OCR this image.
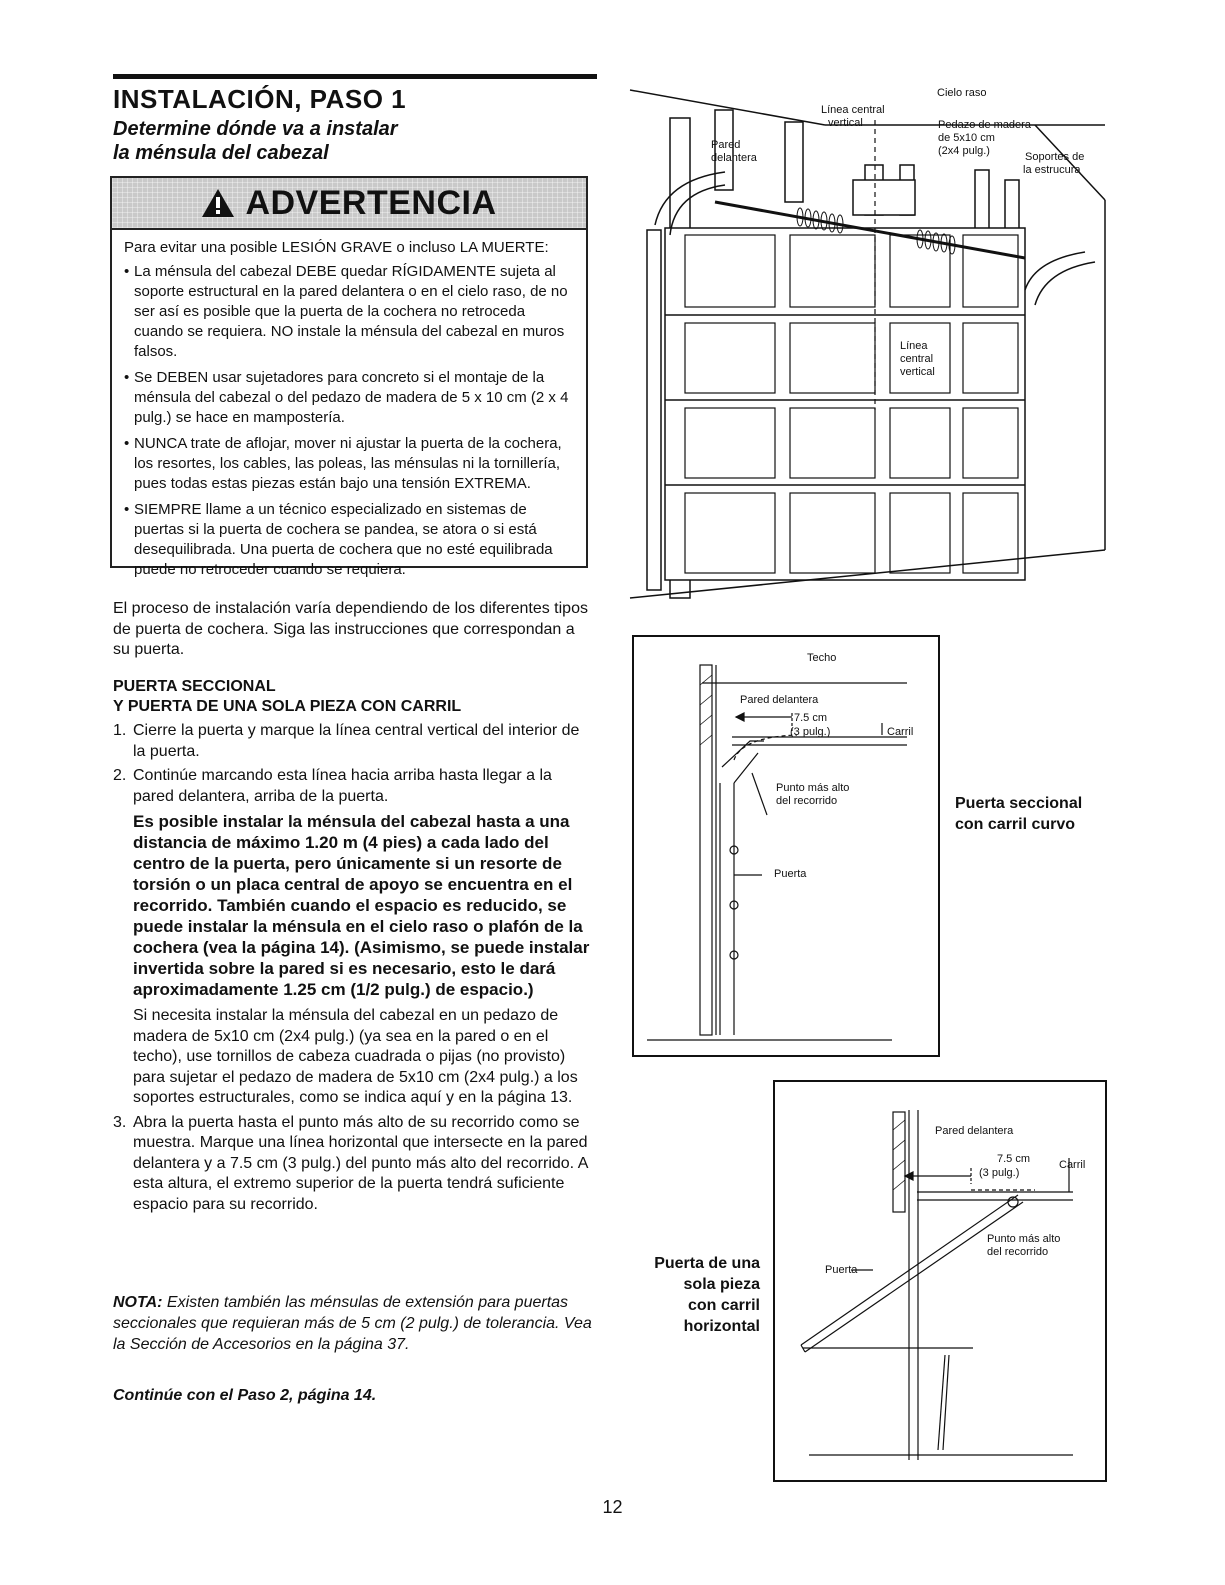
INSTALACIÓN, PASO 1
Determine dónde va a instalar
la ménsula del cabezal
ADVERTENCIA

Para evitar una posible LESIÓN GRAVE o incluso LA MUERTE:

• La ménsula del cabezal DEBE quedar RÍGIDAMENTE sujeta al soporte estructural en la pared delantera o en el cielo raso, de no ser así es posible que la puerta de la cochera no retroceda cuando se requiera. NO instale la ménsula del cabezal en muros falsos.
• Se DEBEN usar sujetadores para concreto si el montaje de la ménsula del cabezal o del pedazo de madera de 5 x 10 cm (2 x 4 pulg.) se hace en mampostería.
• NUNCA trate de aflojar, mover ni ajustar la puerta de la cochera, los resortes, los cables, las poleas, las ménsulas ni la tornillería, pues todas estas piezas están bajo una tensión EXTREMA.
• SIEMPRE llame a un técnico especializado en sistemas de puertas si la puerta de cochera se pandea, se atora o si está desequilibrada. Una puerta de cochera que no esté equilibrada puede no retroceder cuando se requiera.
El proceso de instalación varía dependiendo de los diferentes tipos de puerta de cochera. Siga las instrucciones que correspondan a su puerta.
PUERTA SECCIONAL
Y PUERTA DE UNA SOLA PIEZA CON CARRIL
1. Cierre la puerta y marque la línea central vertical del interior de la puerta.
2. Continúe marcando esta línea hacia arriba hasta llegar a la pared delantera, arriba de la puerta.
Es posible instalar la ménsula del cabezal hasta a una distancia de máximo 1.20 m (4 pies) a cada lado del centro de la puerta, pero únicamente si un resorte de torsión o un placa central de apoyo se encuentra en el recorrido. También cuando el espacio es reducido, se puede instalar la ménsula en el cielo raso o plafón de la cochera (vea la página 14). (Asimismo, se puede instalar invertida sobre la pared si es necesario, esto le dará aproximadamente 1.25 cm (1/2 pulg.) de espacio.)
Si necesita instalar la ménsula del cabezal en un pedazo de madera de 5x10 cm (2x4 pulg.) (ya sea en la pared o en el techo), use tornillos de cabeza cuadrada o pijas (no provisto) para sujetar el pedazo de madera de 5x10 cm (2x4 pulg.) a los soportes estructurales, como se indica aquí y en la página 13.
3. Abra la puerta hasta el punto más alto de su recorrido como se muestra. Marque una línea horizontal que intersecte en la pared delantera y a 7.5 cm (3 pulg.) del punto más alto del recorrido. A esta altura, el extremo superior de la puerta tendrá suficiente espacio para su recorrido.
NOTA: Existen también las ménsulas de extensión para puertas seccionales que requieran más de 5 cm (2 pulg.) de tolerancia. Vea la Sección de Accesorios en la página 37.
Continúe con el Paso 2, página 14.
12
Cielo raso
Línea central
vertical	Pedazo de madera
de 5x10 cm
(2x4 pulg.)
Pared
delantera	Soportes de
la estrucura
Línea
central
vertical
Techo
Pared delantera
7.5 cm
(3 pulg.)	Carril
Punto más alto
del recorrido
Puerta
Puerta seccional
con carril curvo
Pared delantera
7.5 cm
(3 pulg.)
Carril
Punto más alto
del recorrido
Puerta
Puerta de una
sola pieza
con carril
horizontal
